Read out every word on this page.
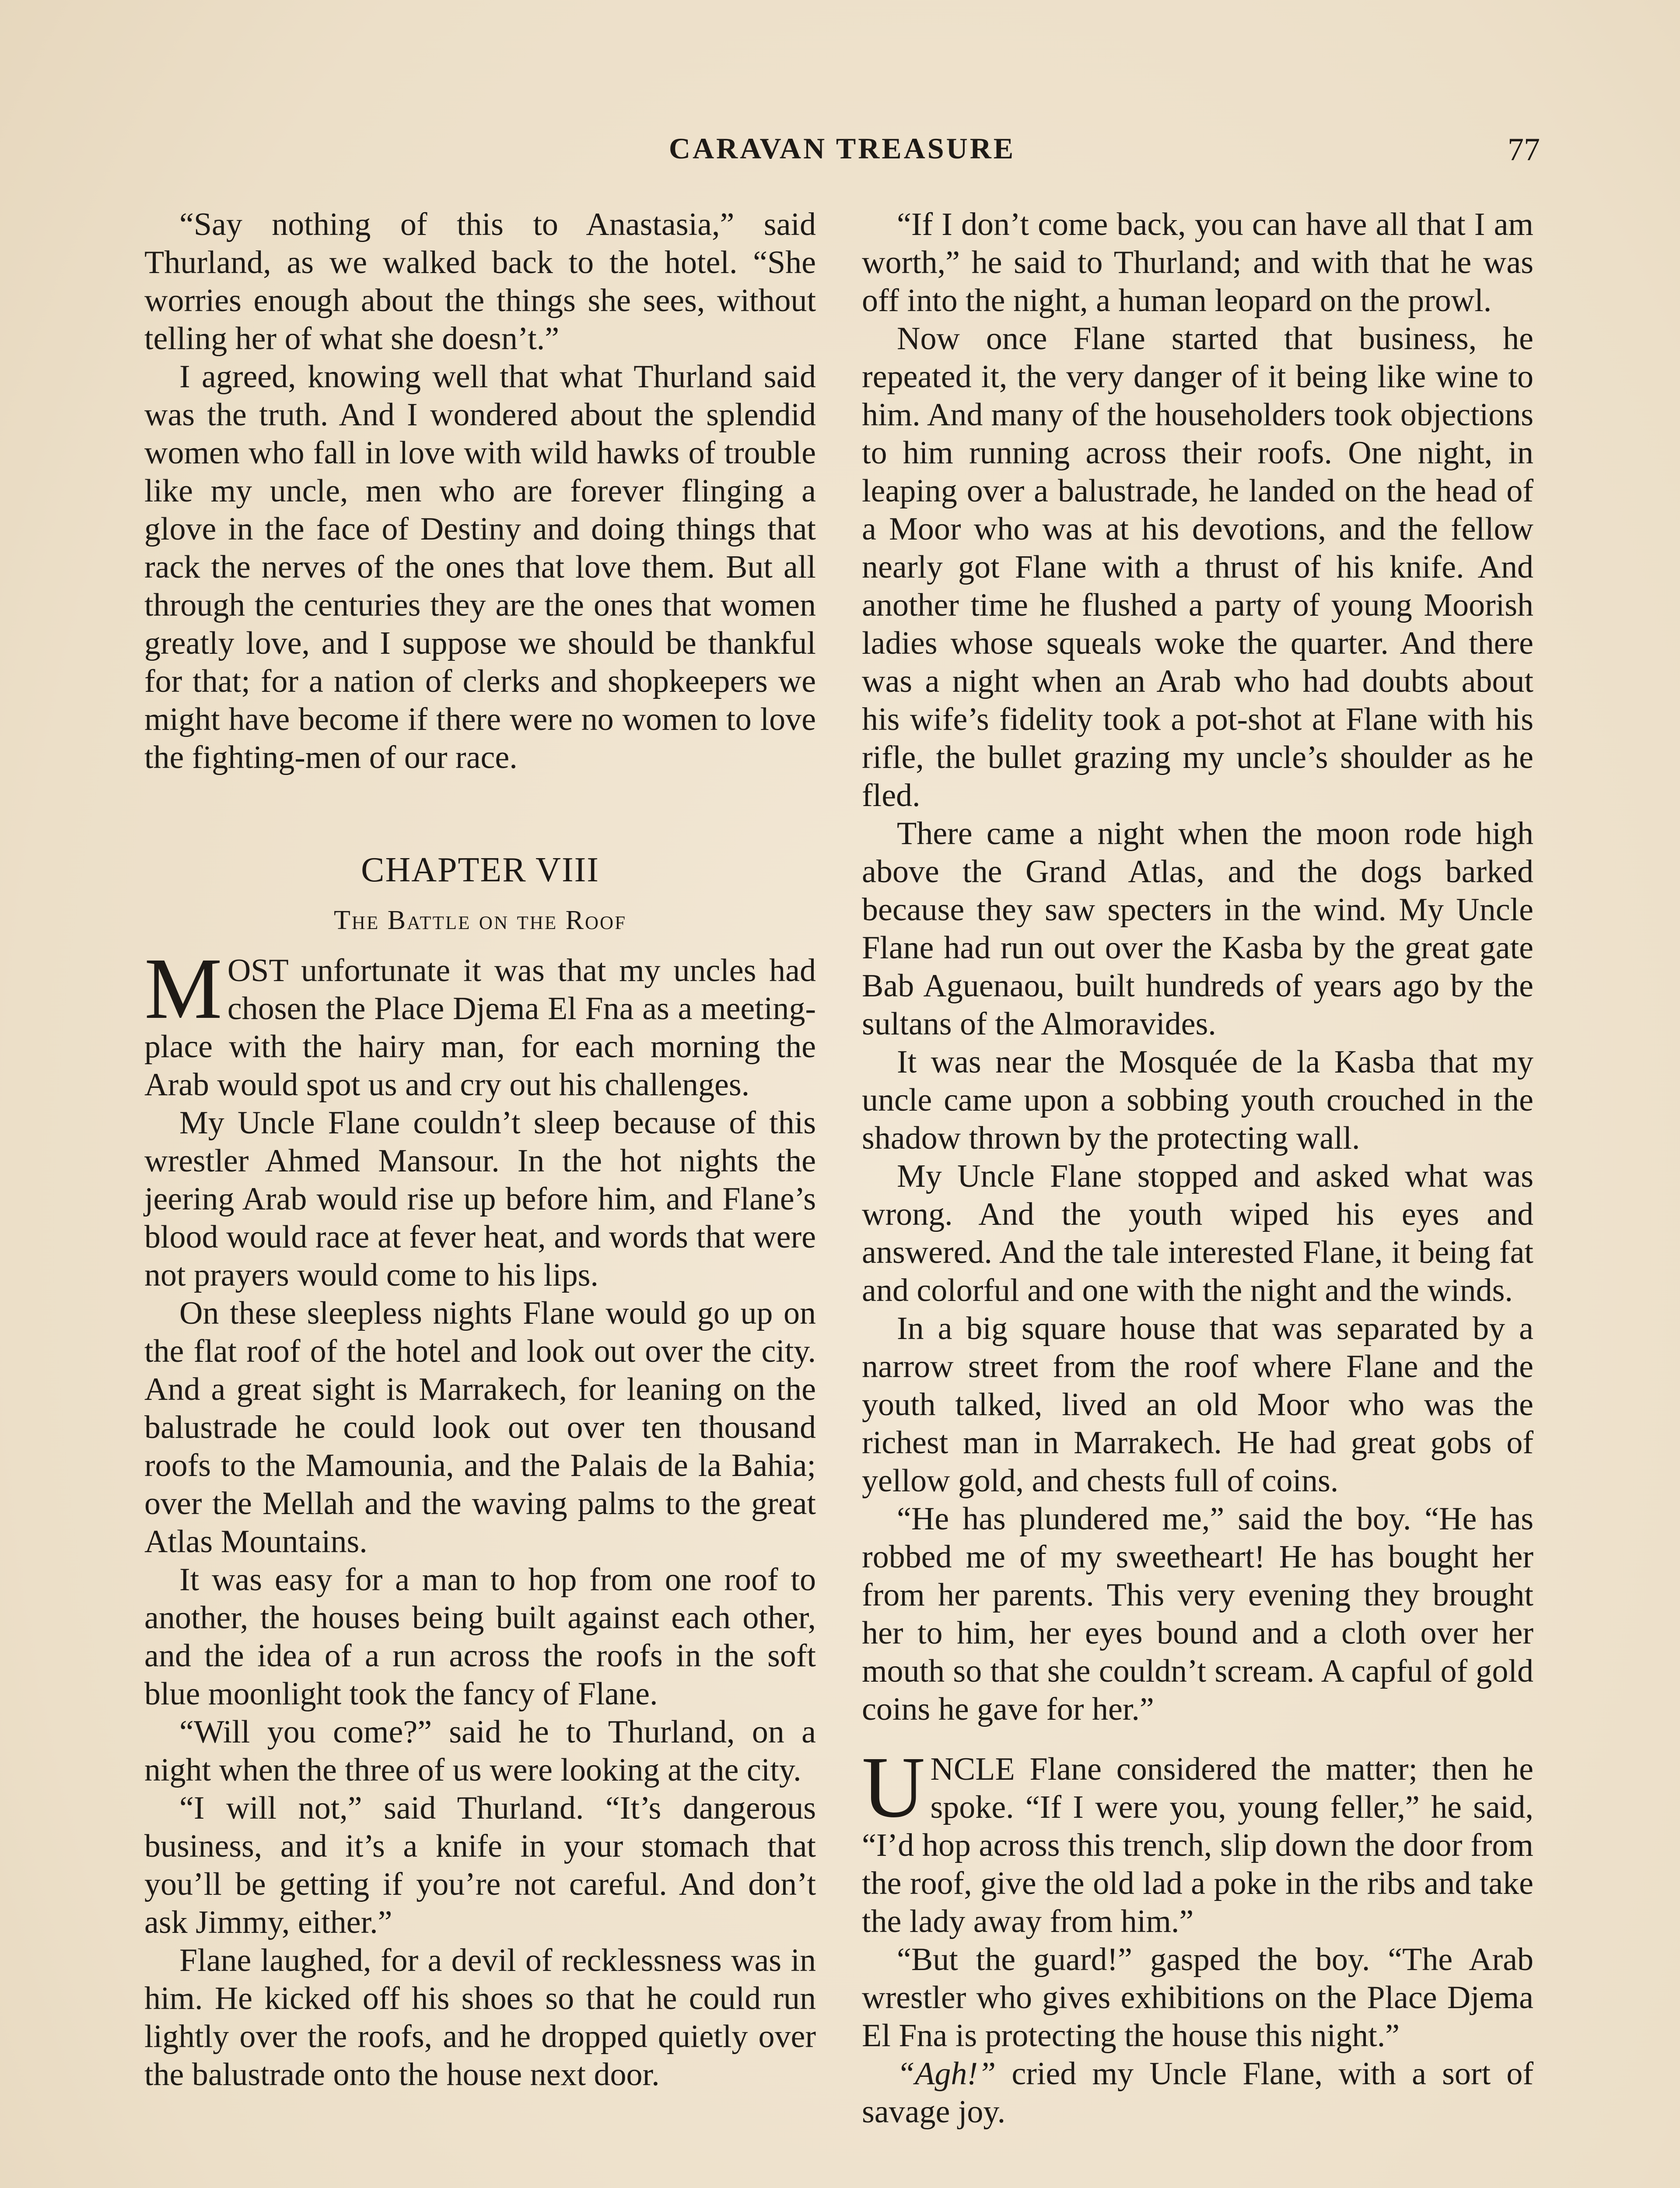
CARAVAN TREASURE	77

“Say nothing of this to Anastasia,” said Thurland, as we walked back to the hotel. “She worries enough about the things she sees, without telling her of what she doesn’t.”

I agreed, knowing well that what Thurland said was the truth. And I wondered about the splendid women who fall in love with wild hawks of trouble like my uncle, men who are forever flinging a glove in the face of Destiny and doing things that rack the nerves of the ones that love them. But all through the centuries they are the ones that women greatly love, and I suppose we should be thankful for that; for a nation of clerks and shopkeepers we might have become if there were no women to love the fighting-men of our race.

CHAPTER VIII
The Battle on the Roof

MOST unfortunate it was that my uncles had chosen the Place Djema El Fna as a meeting-place with the hairy man, for each morning the Arab would spot us and cry out his challenges.

My Uncle Flane couldn’t sleep because of this wrestler Ahmed Mansour. In the hot nights the jeering Arab would rise up before him, and Flane’s blood would race at fever heat, and words that were not prayers would come to his lips.

On these sleepless nights Flane would go up on the flat roof of the hotel and look out over the city. And a great sight is Marrakech, for leaning on the balustrade he could look out over ten thousand roofs to the Mamounia, and the Palais de la Bahia; over the Mellah and the waving palms to the great Atlas Mountains.

It was easy for a man to hop from one roof to another, the houses being built against each other, and the idea of a run across the roofs in the soft blue moonlight took the fancy of Flane.

“Will you come?” said he to Thurland, on a night when the three of us were looking at the city.

“I will not,” said Thurland. “It’s dangerous business, and it’s a knife in your stomach that you’ll be getting if you’re not careful. And don’t ask Jimmy, either.”

Flane laughed, for a devil of recklessness was in him. He kicked off his shoes so that he could run lightly over the roofs, and he dropped quietly over the balustrade onto the house next door.

“If I don’t come back, you can have all that I am worth,” he said to Thurland; and with that he was off into the night, a human leopard on the prowl.

Now once Flane started that business, he repeated it, the very danger of it being like wine to him. And many of the householders took objections to him running across their roofs. One night, in leaping over a balustrade, he landed on the head of a Moor who was at his devotions, and the fellow nearly got Flane with a thrust of his knife. And another time he flushed a party of young Moorish ladies whose squeals woke the quarter. And there was a night when an Arab who had doubts about his wife’s fidelity took a pot-shot at Flane with his rifle, the bullet grazing my uncle’s shoulder as he fled.

There came a night when the moon rode high above the Grand Atlas, and the dogs barked because they saw specters in the wind. My Uncle Flane had run out over the Kasba by the great gate Bab Aguenaou, built hundreds of years ago by the sultans of the Almoravides.

It was near the Mosquée de la Kasba that my uncle came upon a sobbing youth crouched in the shadow thrown by the protecting wall.

My Uncle Flane stopped and asked what was wrong. And the youth wiped his eyes and answered. And the tale interested Flane, it being fat and colorful and one with the night and the winds.

In a big square house that was separated by a narrow street from the roof where Flane and the youth talked, lived an old Moor who was the richest man in Marrakech. He had great gobs of yellow gold, and chests full of coins.

“He has plundered me,” said the boy. “He has robbed me of my sweetheart! He has bought her from her parents. This very evening they brought her to him, her eyes bound and a cloth over her mouth so that she couldn’t scream. A capful of gold coins he gave for her.”

UNCLE Flane considered the matter; then he spoke. “If I were you, young feller,” he said, “I’d hop across this trench, slip down the door from the roof, give the old lad a poke in the ribs and take the lady away from him.”

“But the guard!” gasped the boy. “The Arab wrestler who gives exhibitions on the Place Djema El Fna is protecting the house this night.”

“Agh!” cried my Uncle Flane, with a sort of savage joy.
